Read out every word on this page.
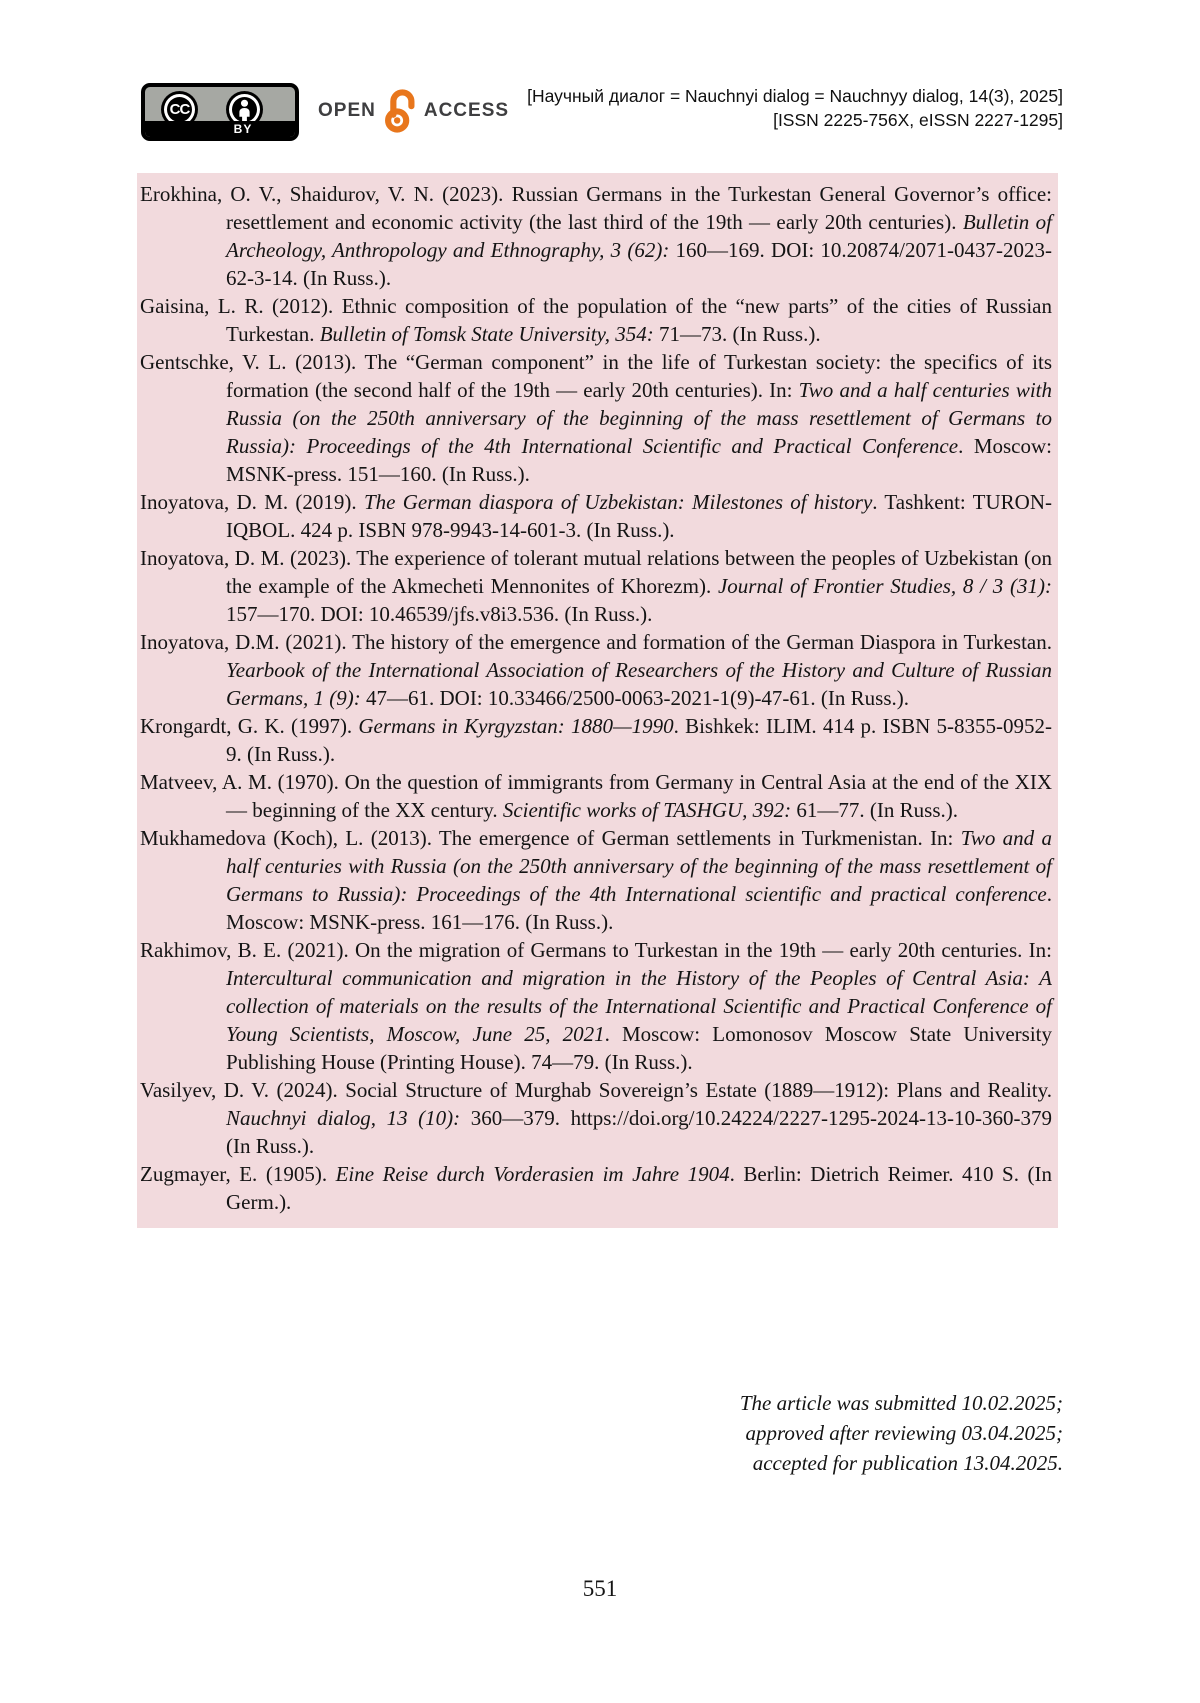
CC
BY
OPEN	ACCESS
[Научный диалог = Nauchnyi dialog = Nauchnyy dialog, 14(3), 2025]
[ISSN 2225-756X, eISSN 2227-1295]

Erokhina, O. V., Shaidurov, V. N. (2023). Russian Germans in the Turkestan General Governor’s office: resettlement and economic activity (the last third of the 19th — early 20th centuries). Bulletin of Archeology, Anthropology and Ethnography, 3 (62): 160—169. DOI: 10.20874/2071-0437-2023-62-3-14. (In Russ.).

Gaisina, L. R. (2012). Ethnic composition of the population of the “new parts” of the cities of Russian Turkestan. Bulletin of Tomsk State University, 354: 71—73. (In Russ.).

Gentschke, V. L. (2013). The “German component” in the life of Turkestan society: the specifics of its formation (the second half of the 19th — early 20th centuries). In: Two and a half centuries with Russia (on the 250th anniversary of the beginning of the mass resettlement of Germans to Russia): Proceedings of the 4th International Scientific and Practical Conference. Moscow: MSNK-press. 151—160. (In Russ.).

Inoyatova, D. M. (2019). The German diaspora of Uzbekistan: Milestones of history. Tashkent: TURON-IQBOL. 424 p. ISBN 978-9943-14-601-3. (In Russ.).

Inoyatova, D. M. (2023). The experience of tolerant mutual relations between the peoples of Uzbekistan (on the example of the Akmecheti Mennonites of Khorezm). Journal of Frontier Studies, 8 / 3 (31): 157—170. DOI: 10.46539/jfs.v8i3.536. (In Russ.).

Inoyatova, D.M. (2021). The history of the emergence and formation of the German Diaspora in Turkestan. Yearbook of the International Association of Researchers of the History and Culture of Russian Germans, 1 (9): 47—61. DOI: 10.33466/2500-0063-2021-1(9)-47-61. (In Russ.).

Krongardt, G. K. (1997). Germans in Kyrgyzstan: 1880—1990. Bishkek: ILIM. 414 p. ISBN 5-8355-0952-9. (In Russ.).

Matveev, A. M. (1970). On the question of immigrants from Germany in Central Asia at the end of the XIX — beginning of the XX century. Scientific works of TASHGU, 392: 61—77. (In Russ.).

Mukhamedova (Koch), L. (2013). The emergence of German settlements in Turkmenistan. In: Two and a half centuries with Russia (on the 250th anniversary of the beginning of the mass resettlement of Germans to Russia): Proceedings of the 4th International scientific and practical conference. Moscow: MSNK-press. 161—176. (In Russ.).

Rakhimov, B. E. (2021). On the migration of Germans to Turkestan in the 19th — early 20th centuries. In: Intercultural communication and migration in the History of the Peoples of Central Asia: A collection of materials on the results of the International Scientific and Practical Conference of Young Scientists, Moscow, June 25, 2021. Moscow: Lomonosov Moscow State University Publishing House (Printing House). 74—79. (In Russ.).

Vasilyev, D. V. (2024). Social Structure of Murghab Sovereign’s Estate (1889—1912): Plans and Reality. Nauchnyi dialog, 13 (10): 360—379. https://doi.org/10.24224/2227-1295-2024-13-10-360-379 (In Russ.).

Zugmayer, E. (1905). Eine Reise durch Vorderasien im Jahre 1904. Berlin: Dietrich Reimer. 410 S. (In Germ.).

The article was submitted 10.02.2025;
approved after reviewing 03.04.2025;
accepted for publication 13.04.2025.
551
